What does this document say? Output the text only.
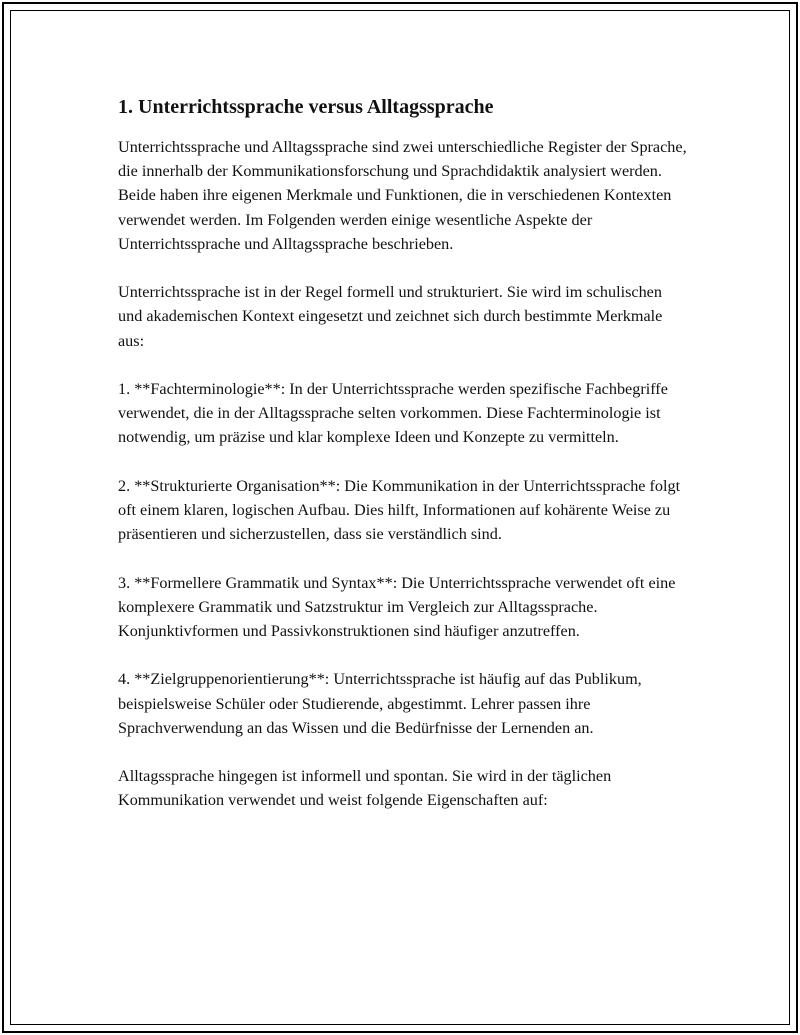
1. Unterrichtssprache versus Alltagssprache

Unterrichtssprache und Alltagssprache sind zwei unterschiedliche Register der Sprache, die innerhalb der Kommunikationsforschung und Sprachdidaktik analysiert werden. Beide haben ihre eigenen Merkmale und Funktionen, die in verschiedenen Kontexten verwendet werden. Im Folgenden werden einige wesentliche Aspekte der Unterrichtssprache und Alltagssprache beschrieben.

Unterrichtssprache ist in der Regel formell und strukturiert. Sie wird im schulischen und akademischen Kontext eingesetzt und zeichnet sich durch bestimmte Merkmale aus:

1. **Fachterminologie**: In der Unterrichtssprache werden spezifische Fachbegriffe verwendet, die in der Alltagssprache selten vorkommen. Diese Fachterminologie ist notwendig, um präzise und klar komplexe Ideen und Konzepte zu vermitteln.

2. **Strukturierte Organisation**: Die Kommunikation in der Unterrichtssprache folgt oft einem klaren, logischen Aufbau. Dies hilft, Informationen auf kohärente Weise zu präsentieren und sicherzustellen, dass sie verständlich sind.

3. **Formellere Grammatik und Syntax**: Die Unterrichtssprache verwendet oft eine komplexere Grammatik und Satzstruktur im Vergleich zur Alltagssprache. Konjunktivformen und Passivkonstruktionen sind häufiger anzutreffen.

4. **Zielgruppenorientierung**: Unterrichtssprache ist häufig auf das Publikum, beispielsweise Schüler oder Studierende, abgestimmt. Lehrer passen ihre Sprachverwendung an das Wissen und die Bedürfnisse der Lernenden an.

Alltagssprache hingegen ist informell und spontan. Sie wird in der täglichen Kommunikation verwendet und weist folgende Eigenschaften auf:
